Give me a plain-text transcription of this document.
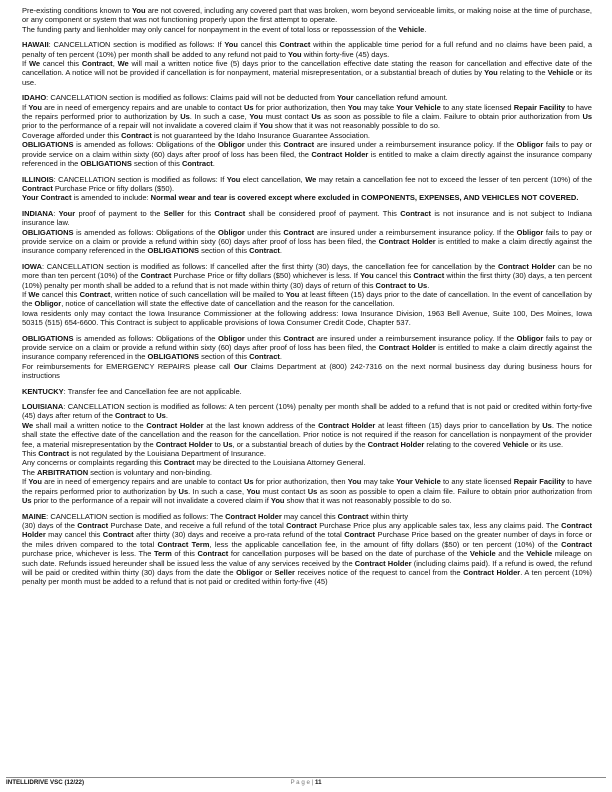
Pre-existing conditions known to You are not covered, including any covered part that was broken, worn beyond serviceable limits, or making noise at the time of purchase, or any component or system that was not functioning properly upon the first attempt to operate.

The funding party and lienholder may only cancel for nonpayment in the event of total loss or repossession of the Vehicle.

HAWAII: CANCELLATION section is modified as follows: If You cancel this Contract within the applicable time period for a full refund and no claims have been paid, a penalty of ten percent (10%) per month shall be added to any refund not paid to You within forty-five (45) days.

If We cancel this Contract, We will mail a written notice five (5) days prior to the cancellation effective date stating the reason for cancellation and effective date of the cancellation. A notice will not be provided if cancellation is for nonpayment, material misrepresentation, or a substantial breach of duties by You relating to the Vehicle or its use.

IDAHO: CANCELLATION section is modified as follows: Claims paid will not be deducted from Your cancellation refund amount.

If You are in need of emergency repairs and are unable to contact Us for prior authorization, then You may take Your Vehicle to any state licensed Repair Facility to have the repairs performed prior to authorization by Us. In such a case, You must contact Us as soon as possible to file a claim. Failure to obtain prior authorization from Us prior to the performance of a repair will not invalidate a covered claim if You show that it was not reasonably possible to do so.

Coverage afforded under this Contract is not guaranteed by the Idaho Insurance Guarantee Association.

OBLIGATIONS is amended as follows: Obligations of the Obligor under this Contract are insured under a reimbursement insurance policy. If the Obligor fails to pay or provide service on a claim within sixty (60) days after proof of loss has been filed, the Contract Holder is entitled to make a claim directly against the insurance company referenced in the OBLIGATIONS section of this Contract.

ILLINOIS: CANCELLATION section is modified as follows: If You elect cancellation, We may retain a cancellation fee not to exceed the lesser of ten percent (10%) of the Contract Purchase Price or fifty dollars ($50).

Your Contract is amended to include: Normal wear and tear is covered except where excluded in COMPONENTS, EXPENSES, AND VEHICLES NOT COVERED.

INDIANA: Your proof of payment to the Seller for this Contract shall be considered proof of payment. This Contract is not insurance and is not subject to Indiana insurance law.

OBLIGATIONS is amended as follows: Obligations of the Obligor under this Contract are insured under a reimbursement insurance policy. If the Obligor fails to pay or provide service on a claim or provide a refund within sixty (60) days after proof of loss has been filed, the Contract Holder is entitled to make a claim directly against the insurance company referenced in the OBLIGATIONS section of this Contract.

IOWA: CANCELLATION section is modified as follows: If cancelled after the first thirty (30) days, the cancellation fee for cancellation by the Contract Holder can be no more than ten percent (10%) of the Contract Purchase Price or fifty dollars ($50) whichever is less. If You cancel this Contract within the first thirty (30) days, a ten percent (10%) penalty per month shall be added to a refund that is not made within thirty (30) days of return of this Contract to Us.

If We cancel this Contract, written notice of such cancellation will be mailed to You at least fifteen (15) days prior to the date of cancellation. In the event of cancellation by the Obligor, notice of cancellation will state the effective date of cancellation and the reason for the cancellation.

Iowa residents only may contact the Iowa Insurance Commissioner at the following address: Iowa Insurance Division, 1963 Bell Avenue, Suite 100, Des Moines, Iowa 50315 (515) 654-6600. This Contract is subject to applicable provisions of Iowa Consumer Credit Code, Chapter 537.

OBLIGATIONS is amended as follows: Obligations of the Obligor under this Contract are insured under a reimbursement insurance policy. If the Obligor fails to pay or provide service on a claim or provide a refund within sixty (60) days after proof of loss has been filed, the Contract Holder is entitled to make a claim directly against the insurance company referenced in the OBLIGATIONS section of this Contract.

For reimbursements for EMERGENCY REPAIRS please call Our Claims Department at (800) 242-7316 on the next normal business day during business hours for instructions

KENTUCKY: Transfer fee and Cancellation fee are not applicable.

LOUISIANA: CANCELLATION section is modified as follows: A ten percent (10%) penalty per month shall be added to a refund that is not paid or credited within forty-five (45) days after return of the Contract to Us.

We shall mail a written notice to the Contract Holder at the last known address of the Contract Holder at least fifteen (15) days prior to cancellation by Us. The notice shall state the effective date of the cancellation and the reason for the cancellation. Prior notice is not required if the reason for cancellation is nonpayment of the provider fee, a material misrepresentation by the Contract Holder to Us, or a substantial breach of duties by the Contract Holder relating to the covered Vehicle or its use.

This Contract is not regulated by the Louisiana Department of Insurance.

Any concerns or complaints regarding this Contract may be directed to the Louisiana Attorney General.

The ARBITRATION section is voluntary and non-binding.

If You are in need of emergency repairs and are unable to contact Us for prior authorization, then You may take Your Vehicle to any state licensed Repair Facility to have the repairs performed prior to authorization by Us. In such a case, You must contact Us as soon as possible to open a claim file. Failure to obtain prior authorization from Us prior to the performance of a repair will not invalidate a covered claim if You show that it was not reasonably possible to do so.

MAINE: CANCELLATION section is modified as follows: The Contract Holder may cancel this Contract within thirty

(30) days of the Contract Purchase Date, and receive a full refund of the total Contract Purchase Price plus any applicable sales tax, less any claims paid. The Contract Holder may cancel this Contract after thirty (30) days and receive a pro-rata refund of the total Contract Purchase Price based on the greater number of days in force or the miles driven compared to the total Contract Term, less the applicable cancellation fee, in the amount of fifty dollars ($50) or ten percent (10%) of the Contract purchase price, whichever is less. The Term of this Contract for cancellation purposes will be based on the date of purchase of the Vehicle and the Vehicle mileage on such date. Refunds issued hereunder shall be issued less the value of any services received by the Contract Holder (including claims paid). If a refund is owed, the refund will be paid or credited within thirty (30) days from the date the Obligor or Seller receives notice of the request to cancel from the Contract Holder. A ten percent (10%) penalty per month must be added to a refund that is not paid or credited within forty-five (45)

INTELLIDRIVE VSC (12/22)	P a g e | 11
